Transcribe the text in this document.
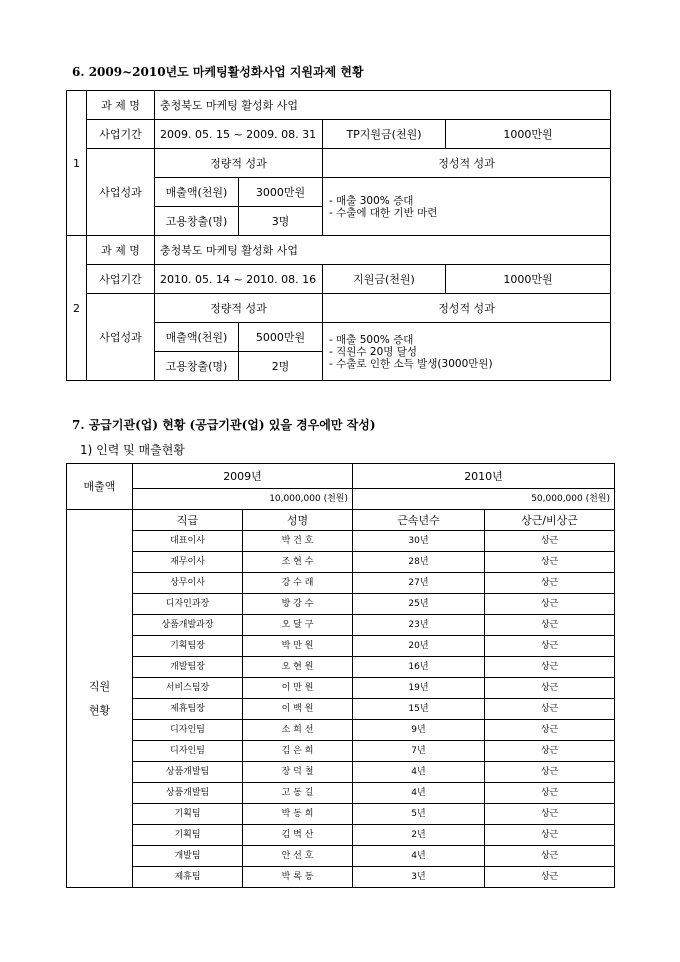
6. 2009~2010년도 마케팅활성화사업 지원과제 현황
1	과 제 명	충청북도 마케팅 활성화 사업			
	사업기간	2009. 05. 15 ~ 2009. 08. 31		TP지원금(천원)	1000만원
	사업성과	정량적 성과		정성적 성과	
		매출액(천원)	3000만원	- 매출 300% 증대
- 수출에 대한 기반 마련	

		고용창출(명)	3명		
2	과 제 명	충청북도 마케팅 활성화 사업			
	사업기간	2010. 05. 14 ~ 2010. 08. 16		지원금(천원)	1000만원
	사업성과	정량적 성과		정성적 성과	
		매출액(천원)	5000만원	- 매출 500% 증대
- 직원수 20명 달성
- 수출로 인한 소득 발생(3000만원)	

		고용창출(명)	2명		
7. 공급기관(업) 현황 (공급기관(업) 있을 경우에만 작성)
1) 인력 및 매출현황
매출액	2009년		2010년	
	10,000,000 (천원)		50,000,000 (천원)	

직원
현황	직급	성명	근속년수	상근/비상근
	대표이사	박 건 호	30년	상근
	재무이사	조 현 수	28년	상근
	상무이사	강 수 래	27년	상근
	디자인과장	방 강 수	25년	상근
	상품개발과장	오 달 구	23년	상근
	기획팀장	박 만 원	20년	상근
	개발팀장	오 현 원	16년	상근
	서비스팀장	이 만 원	19년	상근
	제휴팀장	이 백 원	15년	상근
	디자인팀	소 희 선	9년	상근
	디자인팀	김 은 희	7년	상근
	상품개발팀	장 덕 철	4년	상근
	상품개발팀	고 동 길	4년	상근
	기획팀	박 동 희	5년	상근
	기획팀	김 벽 산	2년	상근
	개발팀	안 선 호	4년	상근
	제휴팀	박 록 동	3년	상근
